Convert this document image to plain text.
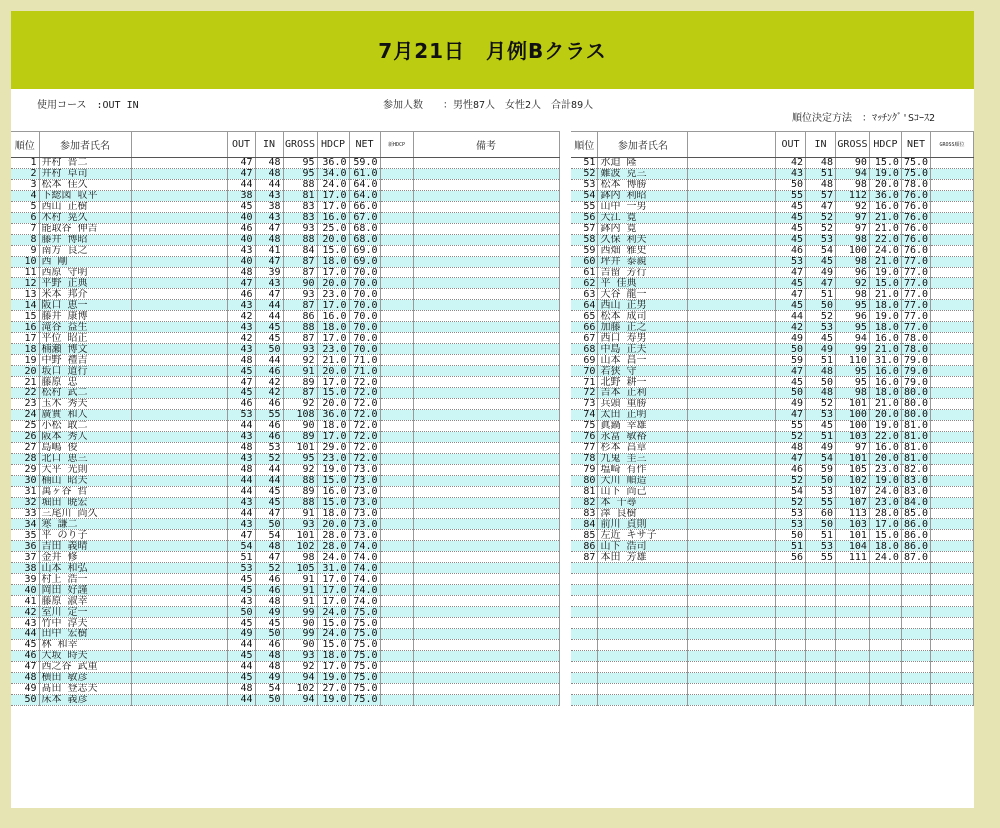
7月21日　月例Bクラス
使用コース　:OUT IN	参加人数　　：男性87人　女性2人　合計89人
順位決定方法　：ﾏｯﾁﾝｸﾞ'Sｺｰｽ2
順位	参加者氏名		OUT	IN	GROSS	HDCP	NET	新HDCP	備考
1	井村 晋二		47	48	95	36.0	59.0		
2	井村 卓司		47	48	95	34.0	61.0		
3	松本 佳久		44	44	88	24.0	64.0		
4	下総図 収平		38	43	81	17.0	64.0		
5	西山 正樹		45	38	83	17.0	66.0		
6	木村 晃久		40	43	83	16.0	67.0		
7	能取谷 伸吉		46	47	93	25.0	68.0		
8	藤井 博昭		40	48	88	20.0	68.0		
9	南方 良之		43	41	84	15.0	69.0		
10	西 剛		40	47	87	18.0	69.0		
11	西原 守明		48	39	87	17.0	70.0		
12	平野 正典		47	43	90	20.0	70.0		
13	米本 邦介		46	47	93	23.0	70.0		
14	阪口 恵一		43	44	87	17.0	70.0		
15	藤井 康博		42	44	86	16.0	70.0		
16	滝谷 益生		43	45	88	18.0	70.0		
17	平位 昭正		42	45	87	17.0	70.0		
18	楠瀬 博文		43	50	93	23.0	70.0		
19	中野 禮吉		48	44	92	21.0	71.0		
20	坂口 道行		45	46	91	20.0	71.0		
21	藤原 忠		47	42	89	17.0	72.0		
22	松村 武二		45	42	87	15.0	72.0		
23	玉木 秀夫		46	46	92	20.0	72.0		
24	廣實 和人		53	55	108	36.0	72.0		
25	小松 敢二		44	46	90	18.0	72.0		
26	阪本 秀人		43	46	89	17.0	72.0		
27	島嶋 俊		48	53	101	29.0	72.0		
28	北口 恵三		43	52	95	23.0	72.0		
29	大平 光則		48	44	92	19.0	73.0		
30	楠山 昭夫		44	44	88	15.0	73.0		
31	萬ヶ谷 哲		44	45	89	16.0	73.0		
32	堀田 暁宏		43	45	88	15.0	73.0		
33	三尾川 尚久		44	47	91	18.0	73.0		
34	寒 謙二		43	50	93	20.0	73.0		
35	平 のり子		47	54	101	28.0	73.0		
36	吉田 義晴		54	48	102	28.0	74.0		
37	金井 修		51	47	98	24.0	74.0		
38	山本 和弘		53	52	105	31.0	74.0		
39	村上 浩一		45	46	91	17.0	74.0		
40	岡田 好謹		45	46	91	17.0	74.0		
41	藤原 淑幸		43	48	91	17.0	74.0		
42	室川 定一		50	49	99	24.0	75.0		
43	竹中 淳夫		45	45	90	15.0	75.0		
44	田中 宏樹		49	50	99	24.0	75.0		
45	林 和幸		44	46	90	15.0	75.0		
46	大坂 時夫		45	48	93	18.0	75.0		
47	西之谷 武重		44	48	92	17.0	75.0		
48	横田 敏彦		45	49	94	19.0	75.0		
49	髙田 登志夫		48	54	102	27.0	75.0		
50	床本 義彦		44	50	94	19.0	75.0		
順位	参加者氏名		OUT	IN	GROSS	HDCP	NET	GROSS順位
51	水迫 隆		42	48	90	15.0	75.0	
52	難波 克三		43	51	94	19.0	75.0	
53	松本 博勝		50	48	98	20.0	78.0	
54	鉢内 利昭		55	57	112	36.0	76.0	
55	山中 一男		45	47	92	16.0	76.0	
56	大江 寛		45	52	97	21.0	76.0	
57	鉢内 寛		45	52	97	21.0	76.0	
58	久保 利夫		45	53	98	22.0	76.0	
59	西畑 雅史		46	54	100	24.0	76.0	
60	坪井 泰親		53	45	98	21.0	77.0	
61	吉留 芳行		47	49	96	19.0	77.0	
62	平 佳典		45	47	92	15.0	77.0	
63	大谷 龍一		47	51	98	21.0	77.0	
64	西山 正男		45	50	95	18.0	77.0	
65	松本 成司		44	52	96	19.0	77.0	
66	加藤 正之		42	53	95	18.0	77.0	
67	西口 寿男		49	45	94	16.0	78.0	
68	中島 正夫		50	49	99	21.0	78.0	
69	山本 昌一		59	51	110	31.0	79.0	
70	若狭 守		47	48	95	16.0	79.0	
71	北野 耕一		45	50	95	16.0	79.0	
72	吉本 正利		50	48	98	18.0	80.0	
73	兵頭 重勝		49	52	101	21.0	80.0	
74	太田 正明		47	53	100	20.0	80.0	
75	眞鍋 幸雄		55	45	100	19.0	81.0	
76	永富 敏裕		52	51	103	22.0	81.0	
77	杉本 昌章		48	49	97	16.0	81.0	
78	九鬼 圭三		47	54	101	20.0	81.0	
79	塩崎 有作		46	59	105	23.0	82.0	
80	大川 順造		52	50	102	19.0	83.0	
81	山下 尚己		54	53	107	24.0	83.0	
82	本 千尋		52	55	107	23.0	84.0	
83	澤 良樹		53	60	113	28.0	85.0	
84	前川 貞則		53	50	103	17.0	86.0	
85	左近 キサ子		50	51	101	15.0	86.0	
86	山下 浩司		51	53	104	18.0	86.0	
87	本田 芳雄		56	55	111	24.0	87.0	
